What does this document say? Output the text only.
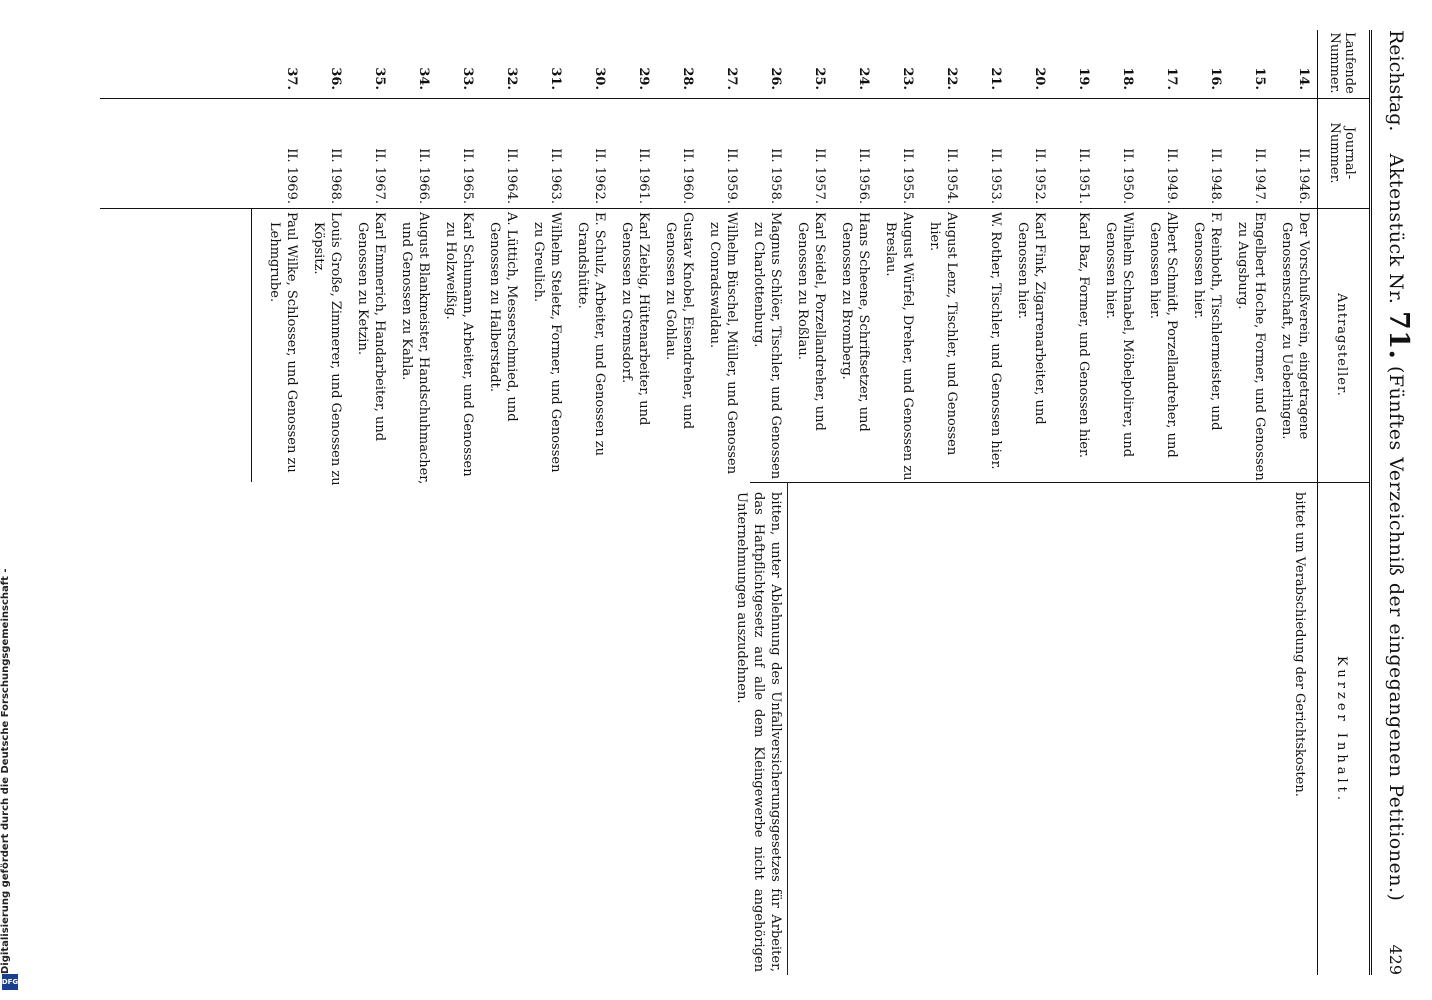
Digitalisierung gefördert durch die Deutsche Forschungsgemeinschaft -
DFG
Reichstag.
Aktenstück Nr. 71. (Fünftes Verzeichniß der eingegangenen Petitionen.)
429
Laufende Nummer.
Journal-Nummer.
Antragsteller.
Kurzer Inhalt.
14.
II. 1946.
Der Vorschußverein, eingetragene Genossenschaft, zu Ueberlingen.
15.
II. 1947.
Engelbert Hoche, Former, und Genossen zu Augsburg.
16.
II. 1948.
F. Reinboth, Tischlermeister, und Genossen hier.
17.
II. 1949.
Albert Schmidt, Porzellandreher, und Genossen hier.
18.
II. 1950.
Wilhelm Schnabel, Möbelpolirer, und Genossen hier.
19.
II. 1951.
Karl Baz, Former, und Genossen hier.
20.
II. 1952.
Karl Fink, Zigarrenarbeiter, und Genossen hier.
21.
II. 1953.
W. Rother, Tischler, und Genossen hier.
22.
II. 1954.
August Lenz, Tischler, und Genossen hier.
23.
II. 1955.
August Würfel, Dreher, und Genossen zu Breslau.
24.
II. 1956.
Hans Scheene, Schriftsetzer, und Genossen zu Bromberg.
25.
II. 1957.
Karl Seidel, Porzellandreher, und Genossen zu Roßlau.
26.
II. 1958.
Magnus Schlöer, Tischler, und Genossen zu Charlottenburg.
27.
II. 1959.
Wilhelm Büschel, Müller, und Genossen zu Conradswaldau.
28.
II. 1960.
Gustav Knobel, Eisendreher, und Genossen zu Gohlau.
29.
II. 1961.
Karl Ziebig, Hüttenarbeiter, und Genossen zu Gremsdorf.
30.
II. 1962.
E. Schulz, Arbeiter, und Genossen zu Grandshütte.
31.
II. 1963.
Wilhelm Steletz, Former, und Genossen zu Greulich.
32.
II. 1964.
A. Lüttich, Messerschmied, und Genossen zu Halberstadt.
33.
II. 1965.
Karl Schumann, Arbeiter, und Genossen zu Holzweißig.
34.
II. 1966.
August Blankmeister, Handschuhmacher, und Genossen zu Kahla.
35.
II. 1967.
Karl Emmerich, Handarbeiter, und Genossen zu Ketzin.
36.
II. 1968.
Louis Große, Zimmerer, und Genossen zu Köpsitz.
37.
II. 1969.
Paul Wilke, Schlosser, und Genossen zu Lehmgrube.
bittet um Verabschiedung der Gerichtskosten.
bitten, unter Ablehnung des Unfallversicherungsgesetzes für Arbeiter, das Haftpflichtgesetz auf alle dem Kleingewerbe nicht angehörigen Unternehmungen auszudehnen.
